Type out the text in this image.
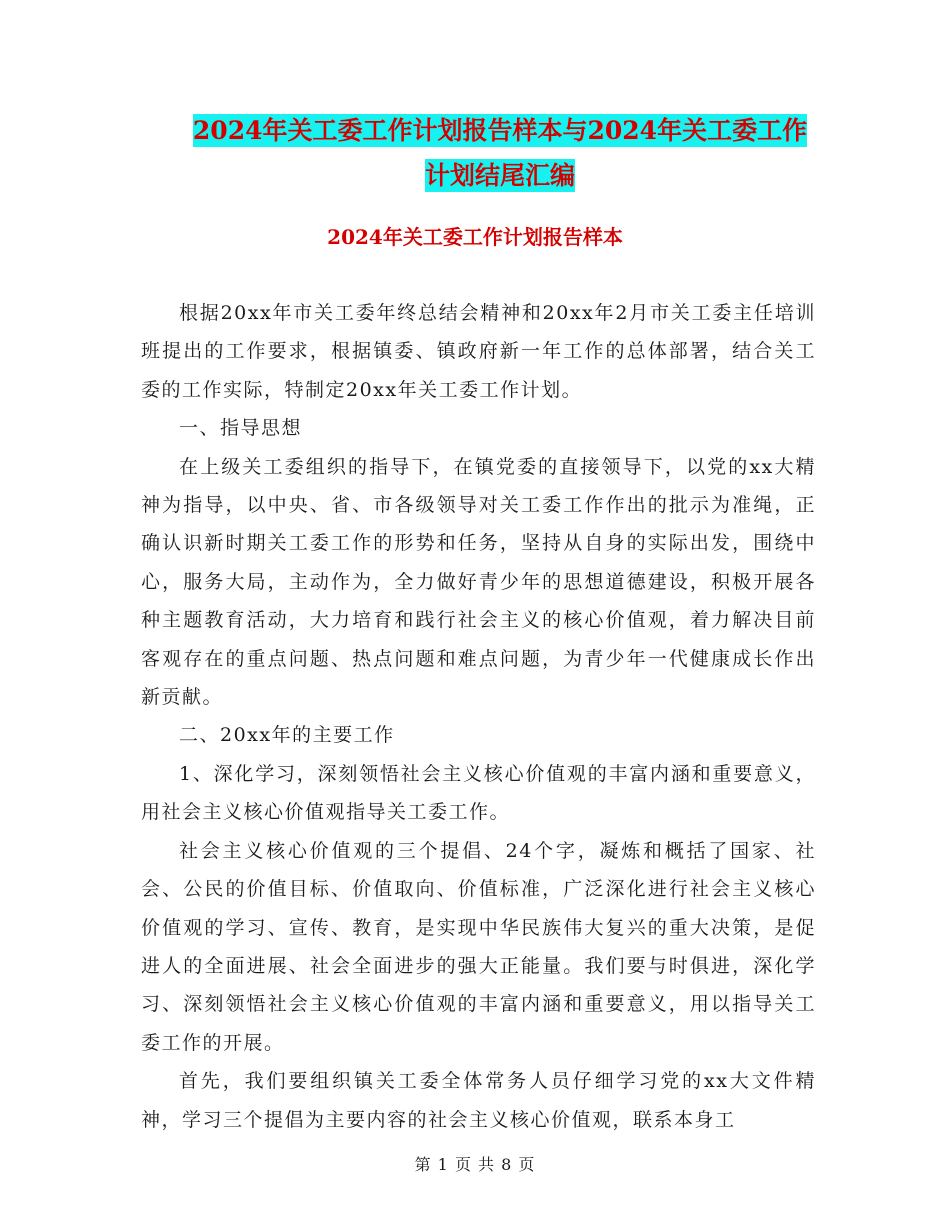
2024年关工委工作计划报告样本与2024年关工委工作
计划结尾汇编
2024年关工委工作计划报告样本

根据20xx年市关工委年终总结会精神和20xx年2月市关工委主任培训班提出的工作要求，根据镇委、镇政府新一年工作的总体部署，结合关工委的工作实际，特制定20xx年关工委工作计划。

一、指导思想

在上级关工委组织的指导下，在镇党委的直接领导下，以党的xx大精神为指导，以中央、省、市各级领导对关工委工作作出的批示为准绳，正确认识新时期关工委工作的形势和任务，坚持从自身的实际出发，围绕中心，服务大局，主动作为，全力做好青少年的思想道德建设，积极开展各种主题教育活动，大力培育和践行社会主义的核心价值观，着力解决目前客观存在的重点问题、热点问题和难点问题，为青少年一代健康成长作出新贡献。

二、20xx年的主要工作

1、深化学习，深刻领悟社会主义核心价值观的丰富内涵和重要意义，用社会主义核心价值观指导关工委工作。

社会主义核心价值观的三个提倡、24个字，凝炼和概括了国家、社会、公民的价值目标、价值取向、价值标准，广泛深化进行社会主义核心价值观的学习、宣传、教育，是实现中华民族伟大复兴的重大决策，是促进人的全面进展、社会全面进步的强大正能量。我们要与时俱进，深化学习、深刻领悟社会主义核心价值观的丰富内涵和重要意义，用以指导关工委工作的开展。

首先，我们要组织镇关工委全体常务人员仔细学习党的xx大文件精神，学习三个提倡为主要内容的社会主义核心价值观，联系本身工

第 1 页 共 8 页
